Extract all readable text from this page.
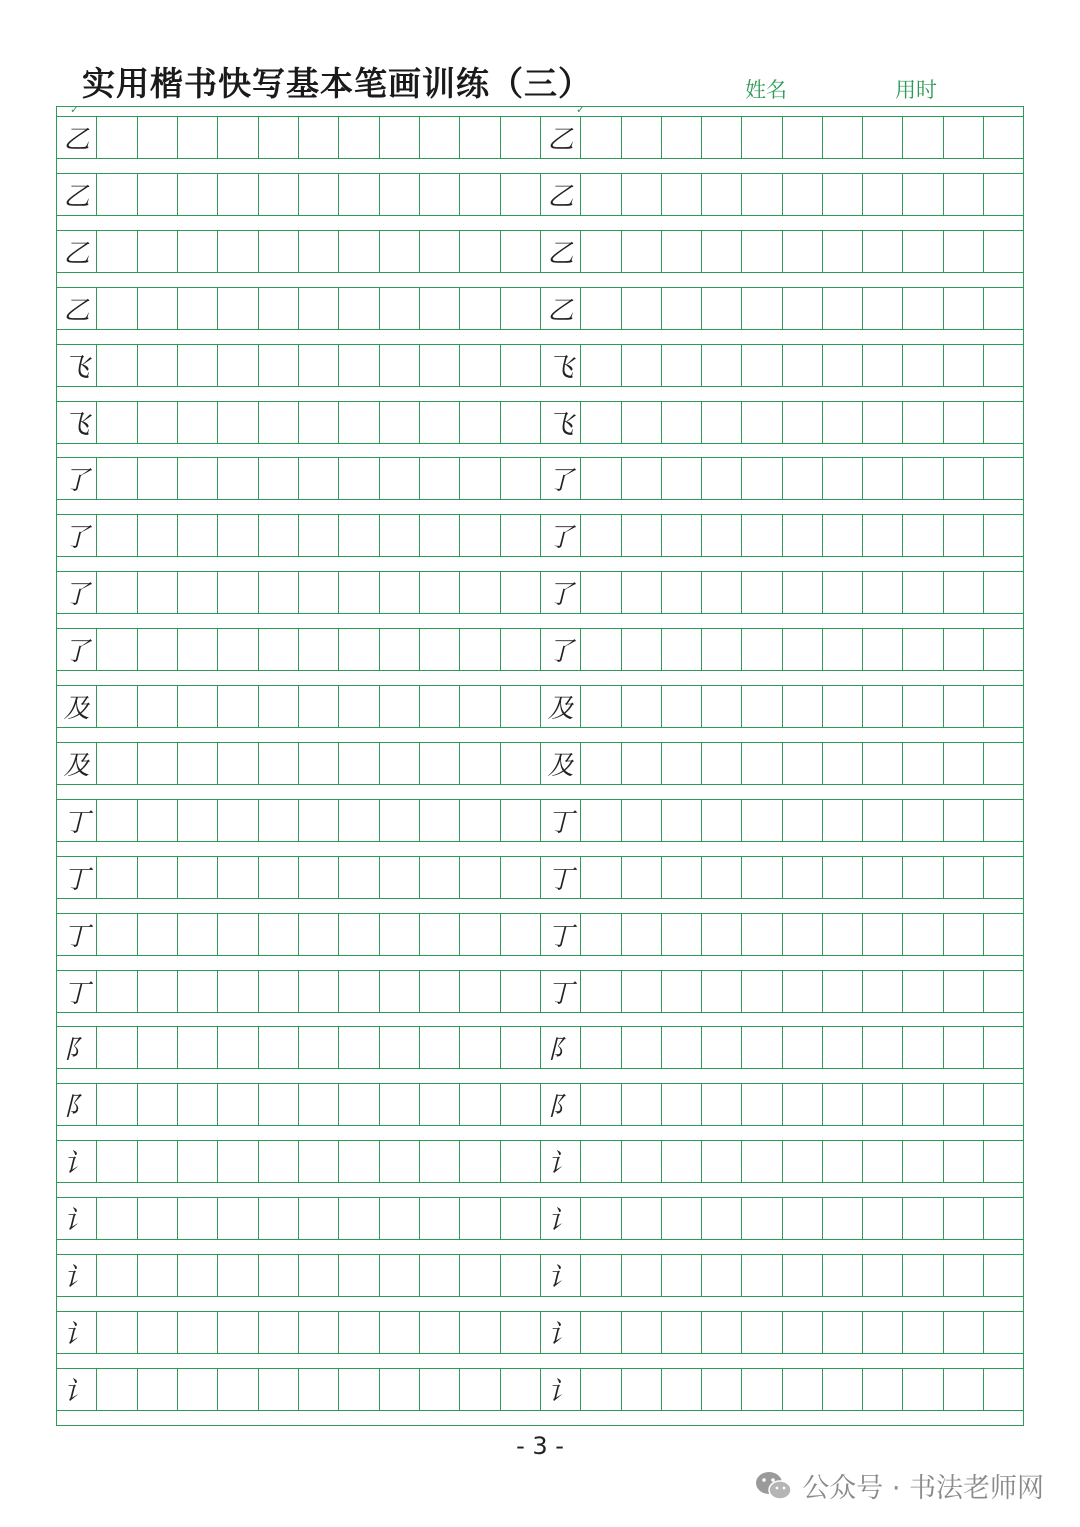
实用楷书快写基本笔画训练（三）	姓名	用时
✓	✓
乙	乙
乙	乙
乙	乙
乙	乙
飞	飞
飞	飞
了	了
了	了
了	了
了	了
及	及
及	及
丁	丁
丁	丁
丁	丁
丁	丁
阝	阝
阝	阝
讠	讠
讠	讠
讠	讠
讠	讠
讠	讠
- 3 -
公众号 · 书法老师网
